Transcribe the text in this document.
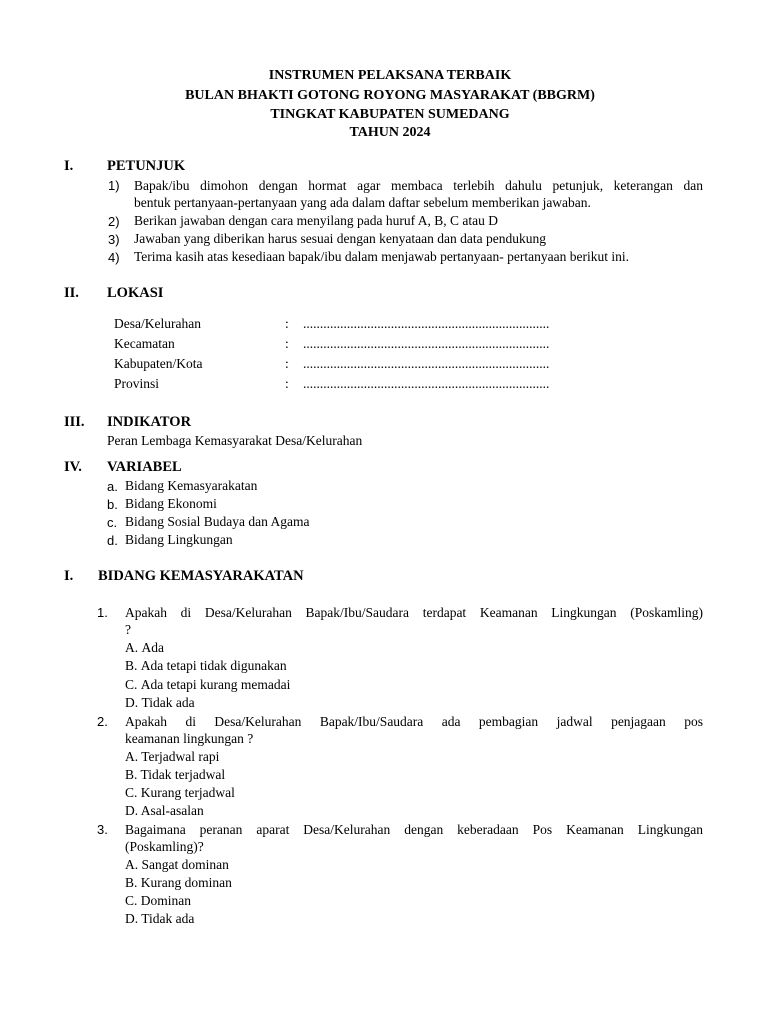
INSTRUMEN PELAKSANA TERBAIK
BULAN BHAKTI GOTONG ROYONG MASYARAKAT (BBGRM)
TINGKAT KABUPATEN SUMEDANG
TAHUN 2024
I. PETUNJUK
1) Bapak/ibu dimohon dengan hormat agar membaca terlebih dahulu petunjuk, keterangan dan
bentuk pertanyaan-pertanyaan yang ada dalam daftar sebelum memberikan jawaban.
2) Berikan jawaban dengan cara menyilang pada huruf A, B, C atau D
3) Jawaban yang diberikan harus sesuai dengan kenyataan dan data pendukung
4) Terima kasih atas kesediaan bapak/ibu dalam menjawab pertanyaan- pertanyaan berikut ini.
II. LOKASI
Desa/Kelurahan	: .........................................................................
Kecamatan	: .........................................................................
Kabupaten/Kota	: .........................................................................
Provinsi	: .........................................................................
III. INDIKATOR
Peran Lembaga Kemasyarakat Desa/Kelurahan
IV. VARIABEL
a. Bidang Kemasyarakatan
b. Bidang Ekonomi
c. Bidang Sosial Budaya dan Agama
d. Bidang Lingkungan
I. BIDANG KEMASYARAKATAN
1. Apakah di Desa/Kelurahan Bapak/Ibu/Saudara terdapat Keamanan Lingkungan (Poskamling)
?
A. Ada
B. Ada tetapi tidak digunakan
C. Ada tetapi kurang memadai
D. Tidak ada
2. Apakah di Desa/Kelurahan Bapak/Ibu/Saudara ada pembagian jadwal penjagaan pos
keamanan lingkungan ?
A. Terjadwal rapi
B. Tidak terjadwal
C. Kurang terjadwal
D. Asal-asalan
3. Bagaimana peranan aparat Desa/Kelurahan dengan keberadaan Pos Keamanan Lingkungan
(Poskamling)?
A. Sangat dominan
B. Kurang dominan
C. Dominan
D. Tidak ada
